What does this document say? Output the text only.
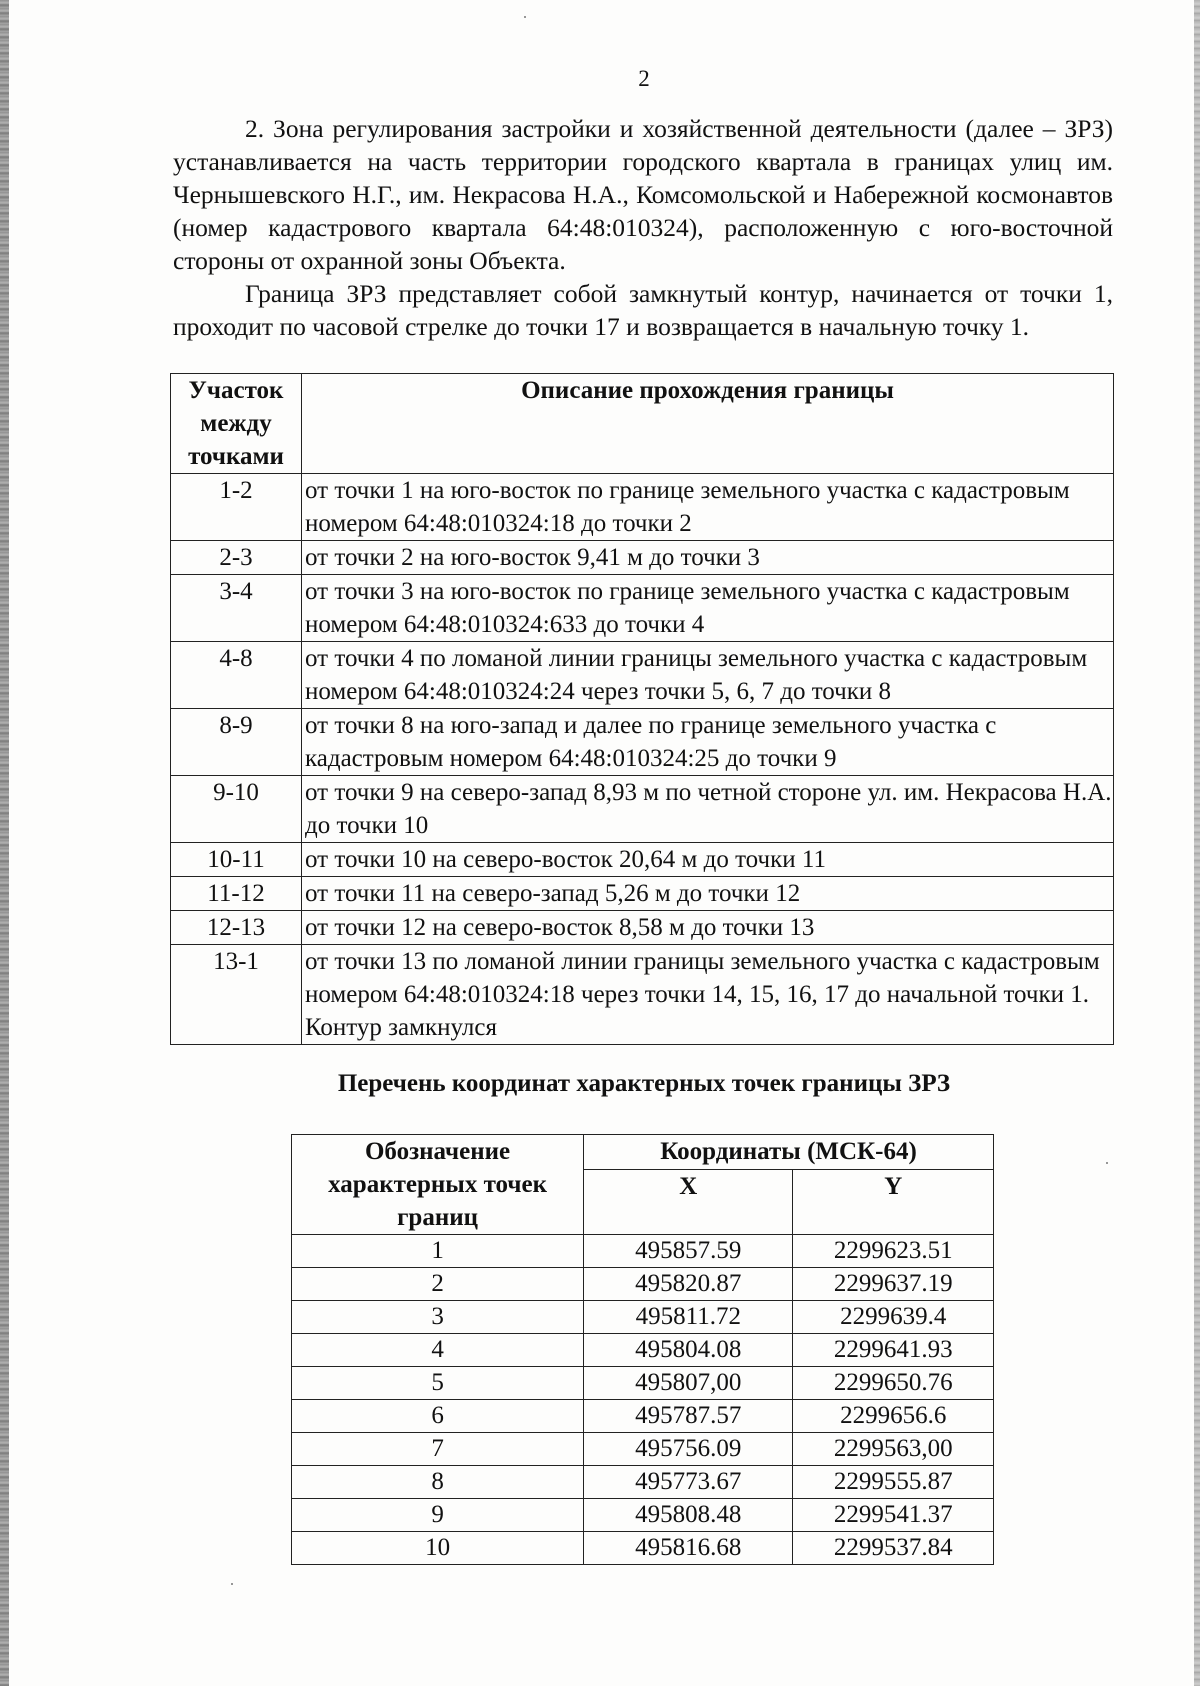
2

2. Зона регулирования застройки и хозяйственной деятельности (далее – ЗРЗ) устанавливается на часть территории городского квартала в границах улиц им. Чернышевского Н.Г., им. Некрасова Н.А., Комсомольской и Набережной космонавтов (номер кадастрового квартала 64:48:010324), расположенную с юго-восточной стороны от охранной зоны Объекта.

Граница ЗРЗ представляет собой замкнутый контур, начинается от точки 1, проходит по часовой стрелке до точки 17 и возвращается в начальную точку 1.

Участок между точками	Описание прохождения границы
1-2	от точки 1 на юго-восток по границе земельного участка с кадастровым номером 64:48:010324:18 до точки 2
2-3	от точки 2 на юго-восток 9,41 м до точки 3
3-4	от точки 3 на юго-восток по границе земельного участка с кадастровым номером 64:48:010324:633 до точки 4
4-8	от точки 4 по ломаной линии границы земельного участка с кадастровым номером 64:48:010324:24 через точки 5, 6, 7 до точки 8
8-9	от точки 8 на юго-запад и далее по границе земельного участка с кадастровым номером 64:48:010324:25 до точки 9
9-10	от точки 9 на северо-запад 8,93 м по четной стороне ул. им. Некрасова Н.А. до точки 10
10-11	от точки 10 на северо-восток 20,64 м до точки 11
11-12	от точки 11 на северо-запад 5,26 м до точки 12
12-13	от точки 12 на северо-восток 8,58 м до точки 13
13-1	от точки 13 по ломаной линии границы земельного участка с кадастровым номером 64:48:010324:18 через точки 14, 15, 16, 17 до начальной точки 1. Контур замкнулся
Перечень координат характерных точек границы ЗРЗ
Обозначение характерных точек границ	Координаты (МСК-64)	
	X	Y
1	495857.59	2299623.51
2	495820.87	2299637.19
3	495811.72	2299639.4
4	495804.08	2299641.93
5	495807,00	2299650.76
6	495787.57	2299656.6
7	495756.09	2299563,00
8	495773.67	2299555.87
9	495808.48	2299541.37
10	495816.68	2299537.84
